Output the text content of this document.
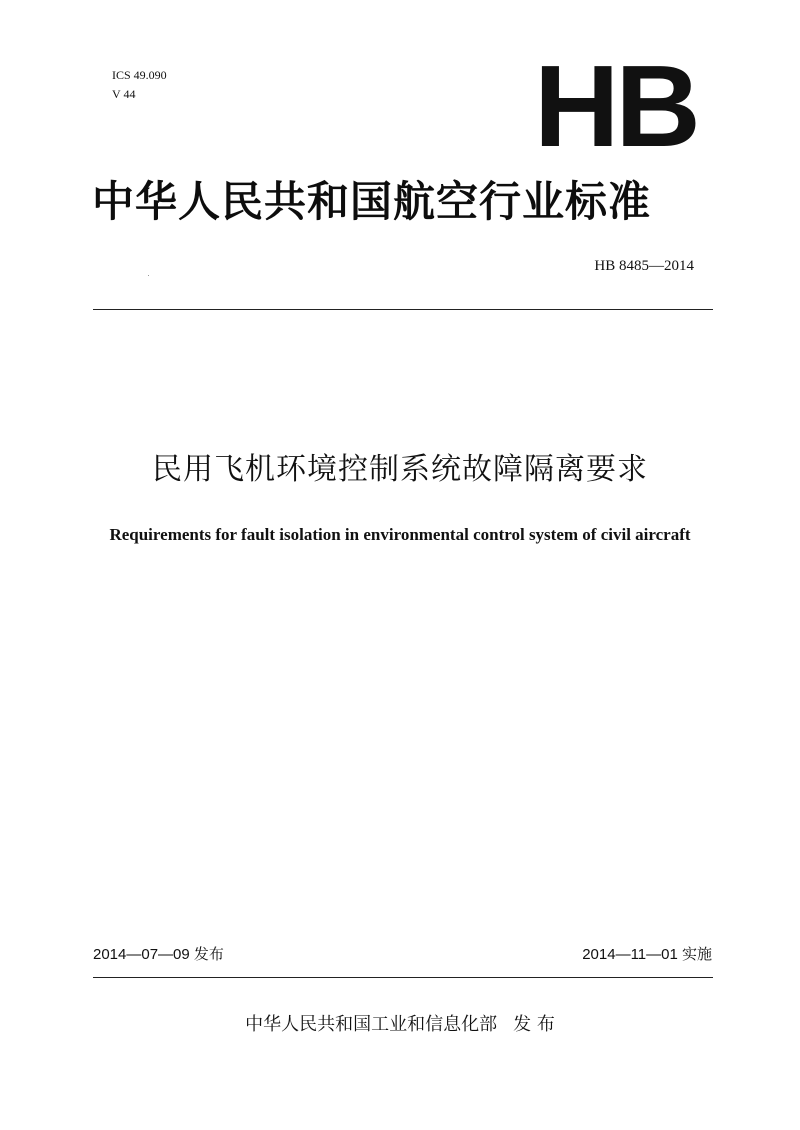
ICS 49.090
V 44	HB
中华人民共和国航空行业标准
HB 8485—2014
民用飞机环境控制系统故障隔离要求
Requirements for fault isolation in environmental control system of civil aircraft
2014—07—09 发布	2014—11—01 实施
中华人民共和国工业和信息化部 发 布
